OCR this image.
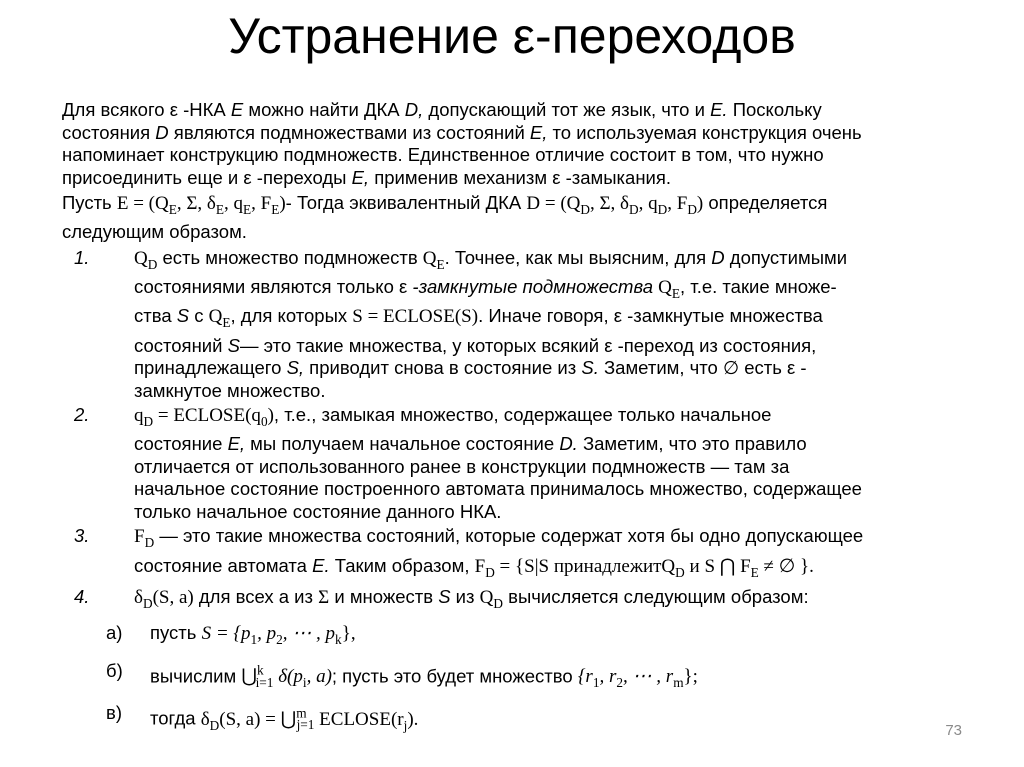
Устранение ε-переходов
Для всякого ε -НКА E можно найти ДКА D, допускающий тот же язык, что и E. Поскольку
состояния D являются подмножествами из состояний E, то используемая конструкция очень
напоминает конструкцию подмножеств. Единственное отличие состоит в том, что нужно
присоединить еще и ε -переходы E, применив механизм ε -замыкания.
Пусть $E = (Q_E$, Σ, $\delta_E$, $q_E$, $F_E)-$ Тогда эквивалентный ДКА $D = (Q_D$, Σ, $\delta_D$, $q_D$, $F_D$) определяется
следующим образом.
1. $Q_D$ есть множество подмножеств $Q_E$. Точнее, как мы выясним, для D допустимыми
состояниями являются только ε -замкнутые подмножества $Q_E$, т.е. такие множе-
ства S с $Q_E$, для которых S = ECLOSE(S). Иначе говоря, ε -замкнутые множества
состояний S— это такие множества, у которых всякий ε -переход из состояния,
принадлежащего S, приводит снова в состояние из S. Заметим, что ∅ есть ε -
замкнутое множество.
2. $q_D$ = $ECLOSE(q_0)$, т.е., замыкая множество, содержащее только начальное
состояние E, мы получаем начальное состояние D. Заметим, что это правило
отличается от использованного ранее в конструкции подмножеств — там за
начальное состояние построенного автомата принималось множество, содержащее
только начальное состояние данного НКА.
3. $F_D$ — это такие множества состояний, которые содержат хотя бы одно допускающее
состояние автомата E. Таким образом, $F_D = \{S|S$ принадлежитQ$_D$ и S ⋂ $F_E$ ≠ ∅ }.
4. $\delta_D(S$, a) для всех a из Σ и множеств S из $Q_D$ вычисляется следующим образом:
а) пусть $S = \{p_1$, $p_2$, ⋯ , $p_k$},
б) вычислим ⋃$^k_{i=1}$ $\delta(p_i$, a); пусть это будет множество {$r_1$, $r_2$, ⋯ , $r_m$};
в) тогда $\delta_D(S$, a) = ⋃$^m_{j=1}$ $ECLOSE(r_j)$.
73
